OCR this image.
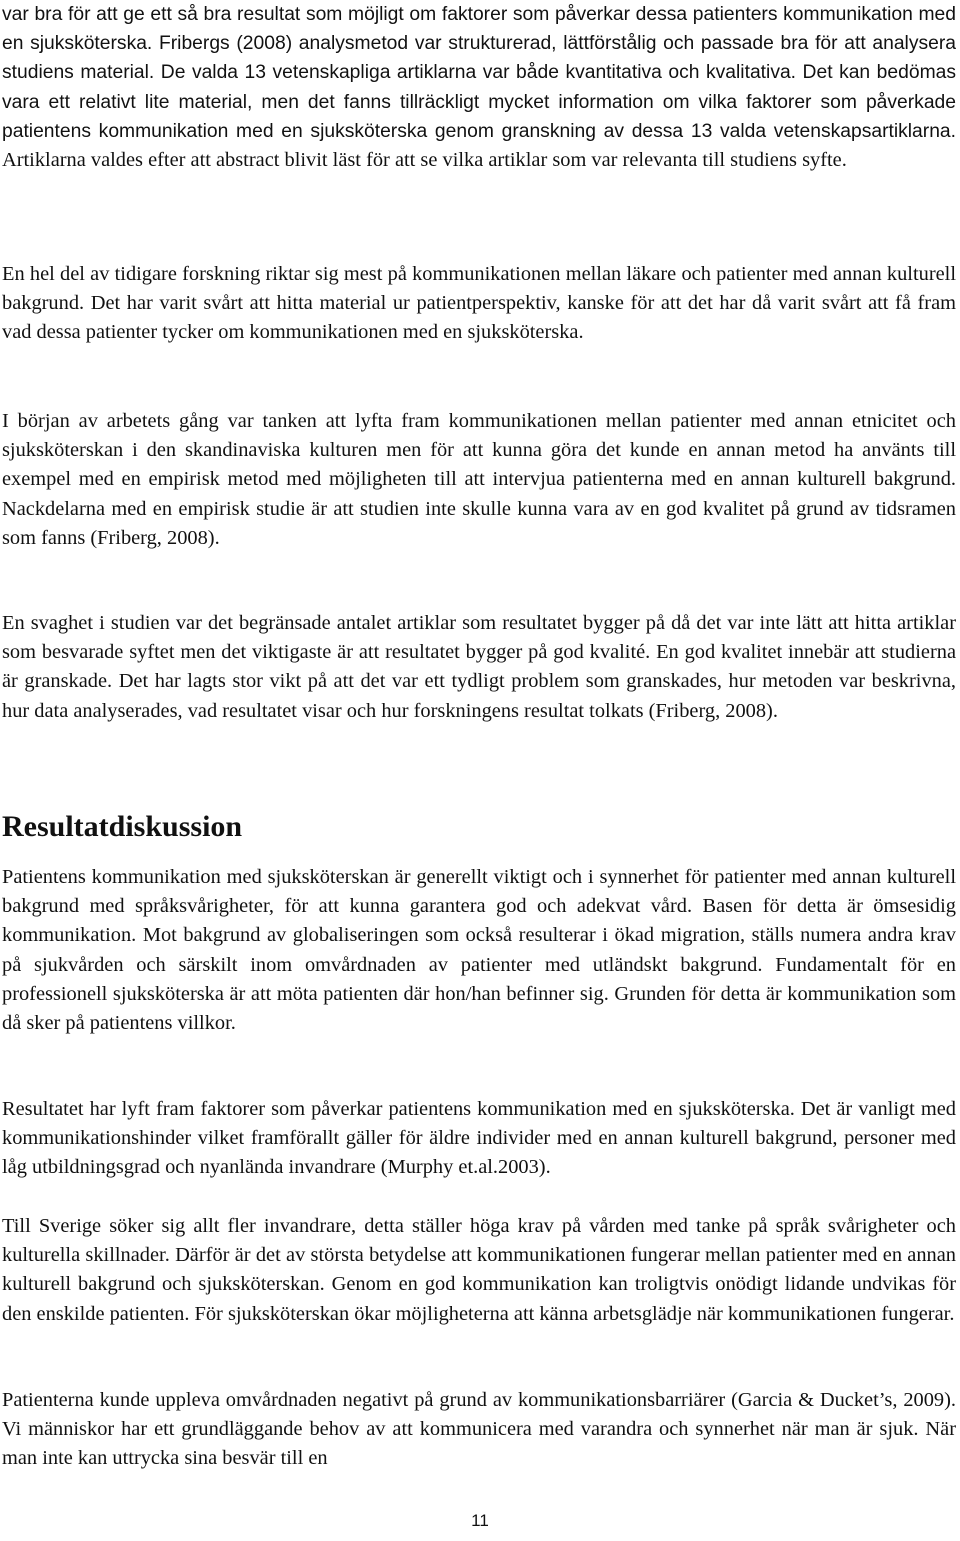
var bra för att ge ett så bra resultat som möjligt om faktorer som påverkar dessa patienters kommunikation med en sjuksköterska. Fribergs (2008) analysmetod var strukturerad, lättförstålig och passade bra för att analysera studiens material. De valda 13 vetenskapliga artiklarna var både kvantitativa och kvalitativa. Det kan bedömas vara ett relativt lite material, men det fanns tillräckligt mycket information om vilka faktorer som påverkade patientens kommunikation med en sjuksköterska genom granskning av dessa 13 valda vetenskapsartiklarna. Artiklarna valdes efter att abstract blivit läst för att se vilka artiklar som var relevanta till studiens syfte.

En hel del av tidigare forskning riktar sig mest på kommunikationen mellan läkare och patienter med annan kulturell bakgrund. Det har varit svårt att hitta material ur patientperspektiv, kanske för att det har då varit svårt att få fram vad dessa patienter tycker om kommunikationen med en sjuksköterska.

I början av arbetets gång var tanken att lyfta fram kommunikationen mellan patienter med annan etnicitet och sjuksköterskan i den skandinaviska kulturen men för att kunna göra det kunde en annan metod ha använts till exempel med en empirisk metod med möjligheten till att intervjua patienterna med en annan kulturell bakgrund. Nackdelarna med en empirisk studie är att studien inte skulle kunna vara av en god kvalitet på grund av tidsramen som fanns (Friberg, 2008).

En svaghet i studien var det begränsade antalet artiklar som resultatet bygger på då det var inte lätt att hitta artiklar som besvarade syftet men det viktigaste är att resultatet bygger på god kvalité. En god kvalitet innebär att studierna är granskade. Det har lagts stor vikt på att det var ett tydligt problem som granskades, hur metoden var beskrivna, hur data analyserades, vad resultatet visar och hur forskningens resultat tolkats (Friberg, 2008).

Resultatdiskussion

Patientens kommunikation med sjuksköterskan är generellt viktigt och i synnerhet för patienter med annan kulturell bakgrund med språksvårigheter, för att kunna garantera god och adekvat vård. Basen för detta är ömsesidig kommunikation. Mot bakgrund av globaliseringen som också resulterar i ökad migration, ställs numera andra krav på sjukvården och särskilt inom omvårdnaden av patienter med utländskt bakgrund. Fundamentalt för en professionell sjuksköterska är att möta patienten där hon/han befinner sig. Grunden för detta är kommunikation som då sker på patientens villkor.

Resultatet har lyft fram faktorer som påverkar patientens kommunikation med en sjuksköterska. Det är vanligt med kommunikationshinder vilket framförallt gäller för äldre individer med en annan kulturell bakgrund, personer med låg utbildningsgrad och nyanlända invandrare (Murphy et.al.2003).

Till Sverige söker sig allt fler invandrare, detta ställer höga krav på vården med tanke på språk svårigheter och kulturella skillnader. Därför är det av största betydelse att kommunikationen fungerar mellan patienter med en annan kulturell bakgrund och sjuksköterskan. Genom en god kommunikation kan troligtvis onödigt lidande undvikas för den enskilde patienten. För sjuksköterskan ökar möjligheterna att känna arbetsglädje när kommunikationen fungerar.

Patienterna kunde uppleva omvårdnaden negativt på grund av kommunikationsbarriärer (Garcia & Ducket’s, 2009). Vi människor har ett grundläggande behov av att kommunicera med varandra och synnerhet när man är sjuk. När man inte kan uttrycka sina besvär till en

11
